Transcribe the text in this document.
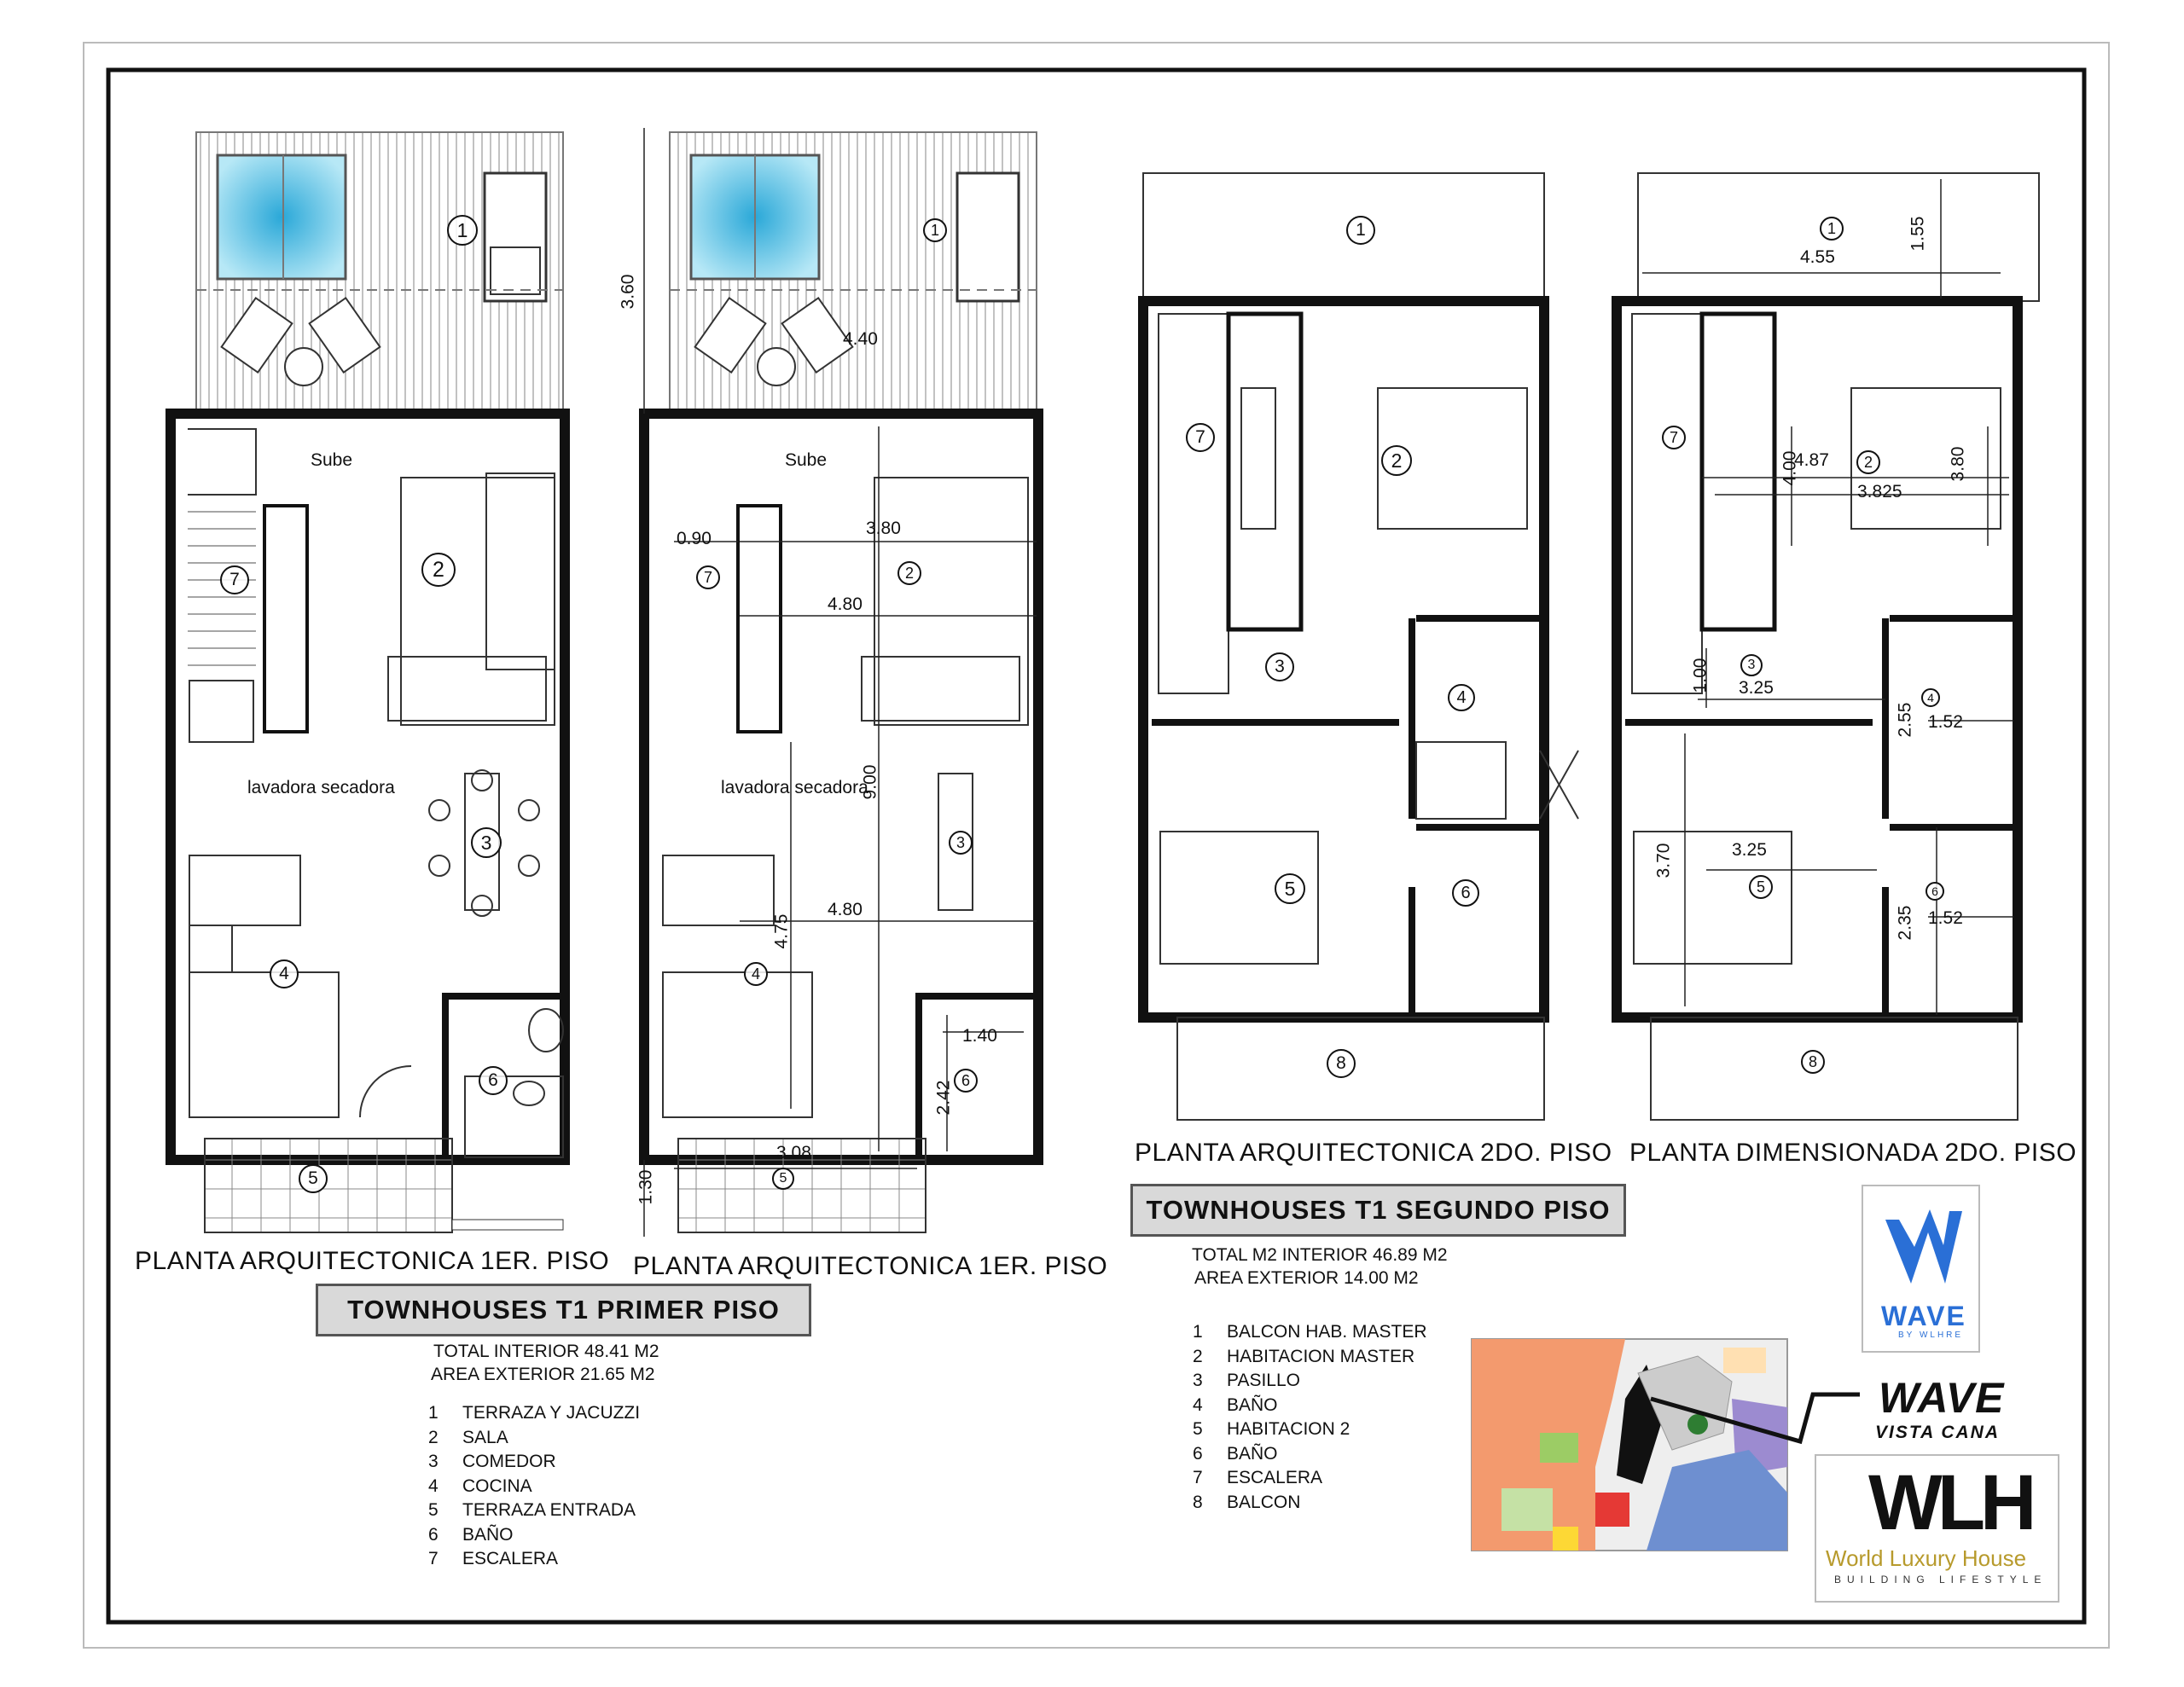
1
2
3
4
5
6
7
1
2
3
4
5
6
7
1
2
3
4
5	6
7
8
1
2
3
4
5	6
7
8
Sube	Sube
lavadora secadora	lavadora secadora
3.60
4.40
0.90
3.80
4.80
9.00
4.75
4.80
1.40
2.42
1.30
3.08
4.55
1.55
4.00
4.87
3.825
3.80
1.00 3.25
2.55 1.52
3.70	3.25
2.35 1.52
PLANTA ARQUITECTONICA 1ER. PISO PLANTA ARQUITECTONICA 1ER. PISO
PLANTA ARQUITECTONICA 2DO. PISO PLANTA DIMENSIONADA 2DO. PISO
TOWNHOUSES T1 PRIMER PISO
TOWNHOUSES T1 SEGUNDO PISO
TOTAL INTERIOR 48.41 M2
AREA EXTERIOR 21.65 M2
1 TERRAZA Y JACUZZI
2 SALA
3 COMEDOR
4 COCINA
5 TERRAZA ENTRADA
6 BAÑO
7 ESCALERA
TOTAL M2 INTERIOR 46.89 M2
AREA EXTERIOR 14.00 M2
1 BALCON HAB. MASTER
2 HABITACION MASTER
3 PASILLO
4 BAÑO
5 HABITACION 2
6 BAÑO
7 ESCALERA
8 BALCON
WAVE
BY WLHRE
WAVE
VISTA CANA
WLH
World Luxury House
BUILDING LIFESTYLE
